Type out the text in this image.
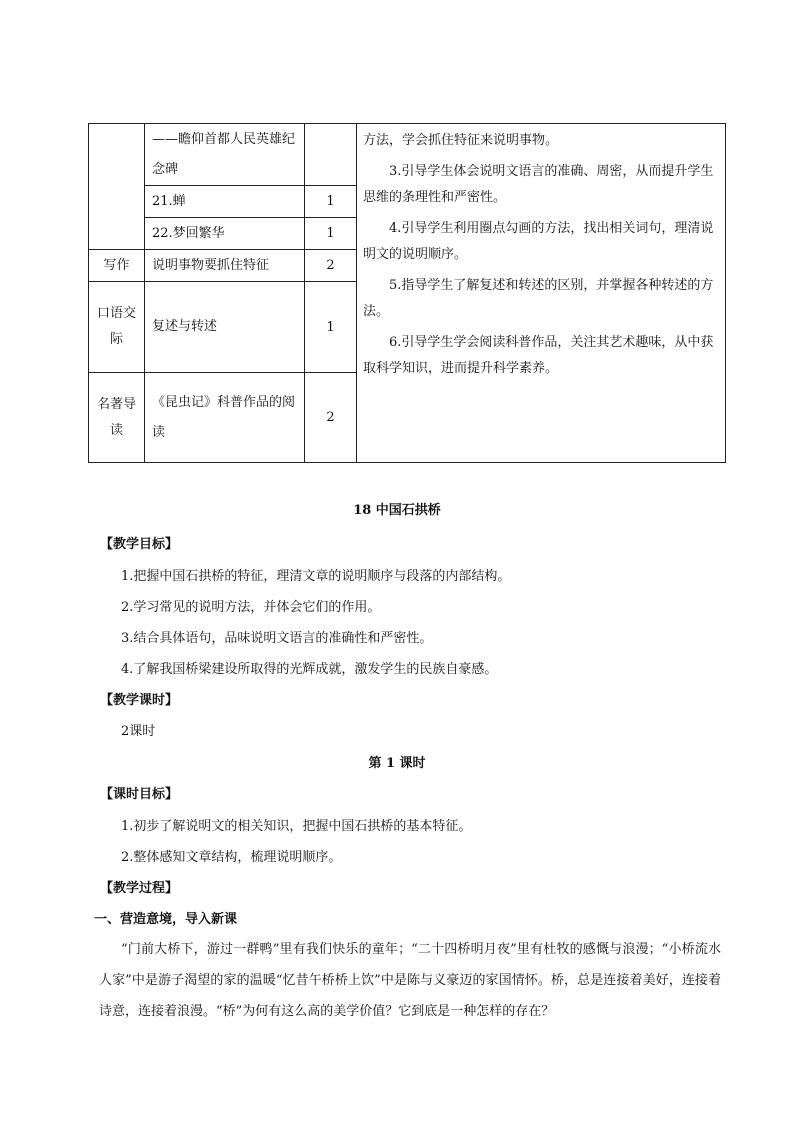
	——瞻仰首都人民英雄纪念碑		方法，学会抓住特征来说明事物。

3.引导学生体会说明文语言的准确、周密，从而提升学生思维的条理性和严密性。

4.引导学生利用圈点勾画的方法，找出相关词句，理清说明文的说明顺序。

5.指导学生了解复述和转述的区别，并掌握各种转述的方法。

6.引导学生学会阅读科普作品，关注其艺术趣味，从中获取科学知识，进而提升科学素养。

	21.蝉	1	
	22.梦回繁华	1	
写作	说明事物要抓住特征	2	
口语交际	复述与转述	1	
名著导读	《昆虫记》科普作品的阅读	2	
18 中国石拱桥
【教学目标】
1.把握中国石拱桥的特征，理清文章的说明顺序与段落的内部结构。
2.学习常见的说明方法，并体会它们的作用。
3.结合具体语句，品味说明文语言的准确性和严密性。
4.了解我国桥梁建设所取得的光辉成就，激发学生的民族自豪感。
【教学课时】
2课时
第 1 课时
【课时目标】
1.初步了解说明文的相关知识，把握中国石拱桥的基本特征。
2.整体感知文章结构，梳理说明顺序。
【教学过程】
一、营造意境，导入新课

“门前大桥下，游过一群鸭”里有我们快乐的童年；“二十四桥明月夜”里有杜牧的感慨与浪漫；“小桥流水人家”中是游子渴望的家的温暖“忆昔午桥桥上饮”中是陈与义豪迈的家国情怀。桥，总是连接着美好，连接着诗意，连接着浪漫。“桥”为何有这么高的美学价值？它到底是一种怎样的存在？
